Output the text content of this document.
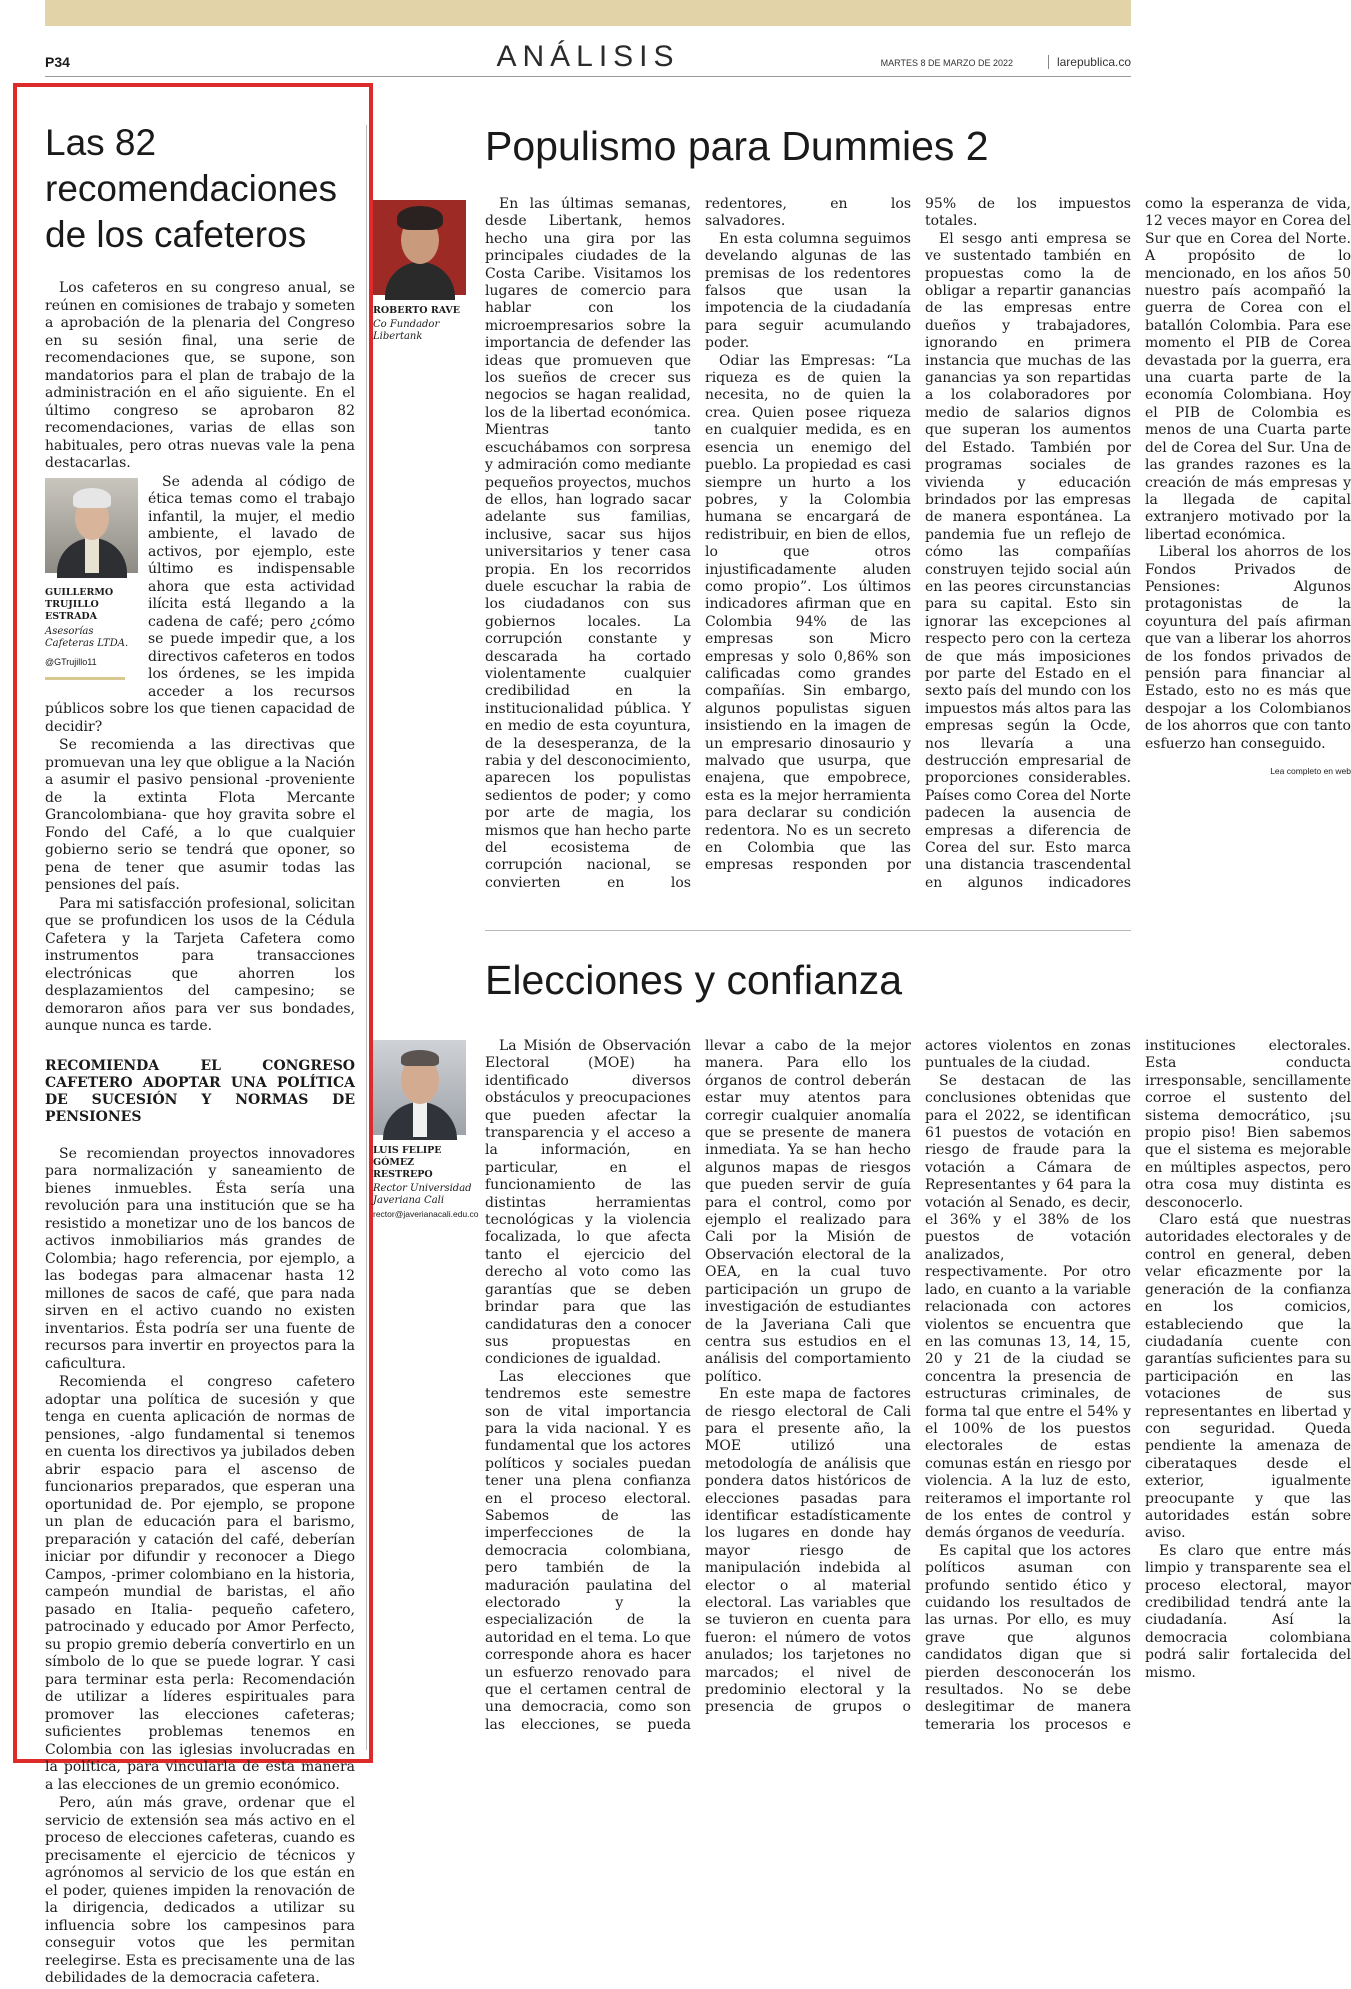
P34	ANÁLISIS	MARTES 8 DE MARZO DE 2022	larepublica.co
Las 82 recomendaciones de los cafeteros

Los cafeteros en su congreso anual, se reúnen en comisiones de trabajo y someten a aprobación de la plenaria del Congreso en su sesión final, una serie de recomendaciones que, se supone, son mandatorios para el plan de trabajo de la administración en el año siguiente. En el último congreso se aprobaron 82 recomendaciones, varias de ellas son habituales, pero otras nuevas vale la pena destacarlas.

GUILLERMO TRUJILLO ESTRADA
Asesorías Cafeteras LTDA.
@GTrujillo11

Se adenda al código de ética temas como el trabajo infantil, la mujer, el medio ambiente, el lavado de activos, por ejemplo, este último es indispensable ahora que esta actividad ilícita está llegando a la cadena de café; pero ¿cómo se puede impedir que, a los directivos cafeteros en todos los órdenes, se les impida acceder a los recursos públicos sobre los que tienen capacidad de decidir?

Se recomienda a las directivas que promuevan una ley que obligue a la Nación a asumir el pasivo pensional -proveniente de la extinta Flota Mercante Grancolombiana- que hoy gravita sobre el Fondo del Café, a lo que cualquier gobierno serio se tendrá que oponer, so pena de tener que asumir todas las pensiones del país.

Para mi satisfacción profesional, solicitan que se profundicen los usos de la Cédula Cafetera y la Tarjeta Cafetera como instrumentos para transacciones electrónicas que ahorren los desplazamientos del campesino; se demoraron años para ver sus bondades, aunque nunca es tarde.

RECOMIENDA EL CONGRESO CAFETERO ADOPTAR UNA POLÍTICA DE SUCESIÓN Y NORMAS DE PENSIONES

Se recomiendan proyectos innovadores para normalización y saneamiento de bienes inmuebles. Ésta sería una revolución para una institución que se ha resistido a monetizar uno de los bancos de activos inmobiliarios más grandes de Colombia; hago referencia, por ejemplo, a las bodegas para almacenar hasta 12 millones de sacos de café, que para nada sirven en el activo cuando no existen inventarios. Ésta podría ser una fuente de recursos para invertir en proyectos para la caficultura.

Recomienda el congreso cafetero adoptar una política de sucesión y que tenga en cuenta aplicación de normas de pensiones, -algo fundamental si tenemos en cuenta los directivos ya jubilados deben abrir espacio para el ascenso de funcionarios preparados, que esperan una oportunidad de. Por ejemplo, se propone un plan de educación para el barismo, preparación y catación del café, deberían iniciar por difundir y reconocer a Diego Campos, -primer colombiano en la historia, campeón mundial de baristas, el año pasado en Italia- pequeño cafetero, patrocinado y educado por Amor Perfecto, su propio gremio debería convertirlo en un símbolo de lo que se puede lograr. Y casi para terminar esta perla: Recomendación de utilizar a líderes espirituales para promover las elecciones cafeteras; suficientes problemas tenemos en Colombia con las iglesias involucradas en la política, para vincularla de esta manera a las elecciones de un gremio económico.

Pero, aún más grave, ordenar que el servicio de extensión sea más activo en el proceso de elecciones cafeteras, cuando es precisamente el ejercicio de técnicos y agrónomos al servicio de los que están en el poder, quienes impiden la renovación de la dirigencia, dedicados a utilizar su influencia sobre los campesinos para conseguir votos que les permitan reelegirse. Esta es precisamente una de las debilidades de la democracia cafetera.

Populismo para Dummies 2
ROBERTO RAVE
Co Fundador Libertank

En las últimas semanas, desde Libertank, hemos hecho una gira por las principales ciudades de la Costa Caribe. Visitamos los lugares de comercio para hablar con los microempresarios sobre la importancia de defender las ideas que promueven que los sueños de crecer sus negocios se hagan realidad, los de la libertad económica. Mientras tanto escuchábamos con sorpresa y admiración como mediante pequeños proyectos, muchos de ellos, han logrado sacar adelante sus familias, inclusive, sacar sus hijos universitarios y tener casa propia. En los recorridos duele escuchar la rabia de los ciudadanos con sus gobiernos locales. La corrupción constante y descarada ha cortado violentamente cualquier credibilidad en la institucionalidad pública. Y en medio de esta coyuntura, de la desesperanza, de la rabia y del desconocimiento, aparecen los populistas sedientos de poder; y como por arte de magia, los mismos que han hecho parte del ecosistema de corrupción nacional, se convierten en los redentores, en los salvadores.

En esta columna seguimos develando algunas de las premisas de los redentores falsos que usan la impotencia de la ciudadanía para seguir acumulando poder.

Odiar las Empresas: “La riqueza es de quien la necesita, no de quien la crea. Quien posee riqueza en cualquier medida, es en esencia un enemigo del pueblo. La propiedad es casi siempre un hurto a los pobres, y la Colombia humana se encargará de redistribuir, en bien de ellos, lo que otros injustificadamente aluden como propio”. Los últimos indicadores afirman que en Colombia 94% de las empresas son Micro empresas y solo 0,86% son calificadas como grandes compañías. Sin embargo, algunos populistas siguen insistiendo en la imagen de un empresario dinosaurio y malvado que usurpa, que enajena, que empobrece, esta es la mejor herramienta para declarar su condición redentora. No es un secreto en Colombia que las empresas responden por 95% de los impuestos totales.

El sesgo anti empresa se ve sustentado también en propuestas como la de obligar a repartir ganancias de las empresas entre dueños y trabajadores, ignorando en primera instancia que muchas de las ganancias ya son repartidas a los colaboradores por medio de salarios dignos que superan los aumentos del Estado. También por programas sociales de vivienda y educación brindados por las empresas de manera espontánea. La pandemia fue un reflejo de cómo las compañías construyen tejido social aún en las peores circunstancias para su capital. Esto sin ignorar las excepciones al respecto pero con la certeza de que más imposiciones por parte del Estado en el sexto país del mundo con los impuestos más altos para las empresas según la Ocde, nos llevaría a una destrucción empresarial de proporciones considerables. Países como Corea del Norte padecen la ausencia de empresas a diferencia de Corea del sur. Esto marca una distancia trascendental en algunos indicadores como la esperanza de vida, 12 veces mayor en Corea del Sur que en Corea del Norte. A propósito de lo mencionado, en los años 50 nuestro país acompañó la guerra de Corea con el batallón Colombia. Para ese momento el PIB de Corea devastada por la guerra, era una cuarta parte de la economía Colombiana. Hoy el PIB de Colombia es menos de una Cuarta parte del de Corea del Sur. Una de las grandes razones es la creación de más empresas y la llegada de capital extranjero motivado por la libertad económica.

Liberal los ahorros de los Fondos Privados de Pensiones: Algunos protagonistas de la coyuntura del país afirman que van a liberar los ahorros de los fondos privados de pensión para financiar al Estado, esto no es más que despojar a los Colombianos de los ahorros que con tanto esfuerzo han conseguido.

Lea completo en web
Elecciones y confianza
LUIS FELIPE GÓMEZ RESTREPO
Rector Universidad Javeriana Cali
rector@javerianacali.edu.co

La Misión de Observación Electoral (MOE) ha identificado diversos obstáculos y preocupaciones que pueden afectar la transparencia y el acceso a la información, en particular, en el funcionamiento de las distintas herramientas tecnológicas y la violencia focalizada, lo que afecta tanto el ejercicio del derecho al voto como las garantías que se deben brindar para que las candidaturas den a conocer sus propuestas en condiciones de igualdad.

Las elecciones que tendremos este semestre son de vital importancia para la vida nacional. Y es fundamental que los actores políticos y sociales puedan tener una plena confianza en el proceso electoral. Sabemos de las imperfecciones de la democracia colombiana, pero también de la maduración paulatina del electorado y la especialización de la autoridad en el tema. Lo que corresponde ahora es hacer un esfuerzo renovado para que el certamen central de una democracia, como son las elecciones, se pueda llevar a cabo de la mejor manera. Para ello los órganos de control deberán estar muy atentos para corregir cualquier anomalía que se presente de manera inmediata. Ya se han hecho algunos mapas de riesgos que pueden servir de guía para el control, como por ejemplo el realizado para Cali por la Misión de Observación electoral de la OEA, en la cual tuvo participación un grupo de investigación de estudiantes de la Javeriana Cali que centra sus estudios en el análisis del comportamiento político.

En este mapa de factores de riesgo electoral de Cali para el presente año, la MOE utilizó una metodología de análisis que pondera datos históricos de elecciones pasadas para identificar estadísticamente los lugares en donde hay mayor riesgo de manipulación indebida al elector o al material electoral. Las variables que se tuvieron en cuenta para fueron: el número de votos anulados; los tarjetones no marcados; el nivel de predominio electoral y la presencia de grupos o actores violentos en zonas puntuales de la ciudad.

Se destacan de las conclusiones obtenidas que para el 2022, se identifican 61 puestos de votación en riesgo de fraude para la votación a Cámara de Representantes y 64 para la votación al Senado, es decir, el 36% y el 38% de los puestos de votación analizados, respectivamente. Por otro lado, en cuanto a la variable relacionada con actores violentos se encuentra que en las comunas 13, 14, 15, 20 y 21 de la ciudad se concentra la presencia de estructuras criminales, de forma tal que entre el 54% y el 100% de los puestos electorales de estas comunas están en riesgo por violencia. A la luz de esto, reiteramos el importante rol de los entes de control y demás órganos de veeduría.

Es capital que los actores políticos asuman con profundo sentido ético y cuidando los resultados de las urnas. Por ello, es muy grave que algunos candidatos digan que si pierden desconocerán los resultados. No se debe deslegitimar de manera temeraria los procesos e instituciones electorales. Esta conducta irresponsable, sencillamente corroe el sustento del sistema democrático, ¡su propio piso! Bien sabemos que el sistema es mejorable en múltiples aspectos, pero otra cosa muy distinta es desconocerlo.

Claro está que nuestras autoridades electorales y de control en general, deben velar eficazmente por la generación de la confianza en los comicios, estableciendo que la ciudadanía cuente con garantías suficientes para su participación en las votaciones de sus representantes en libertad y con seguridad. Queda pendiente la amenaza de ciberataques desde el exterior, igualmente preocupante y que las autoridades están sobre aviso.

Es claro que entre más limpio y transparente sea el proceso electoral, mayor credibilidad tendrá ante la ciudadanía. Así la democracia colombiana podrá salir fortalecida del mismo.
